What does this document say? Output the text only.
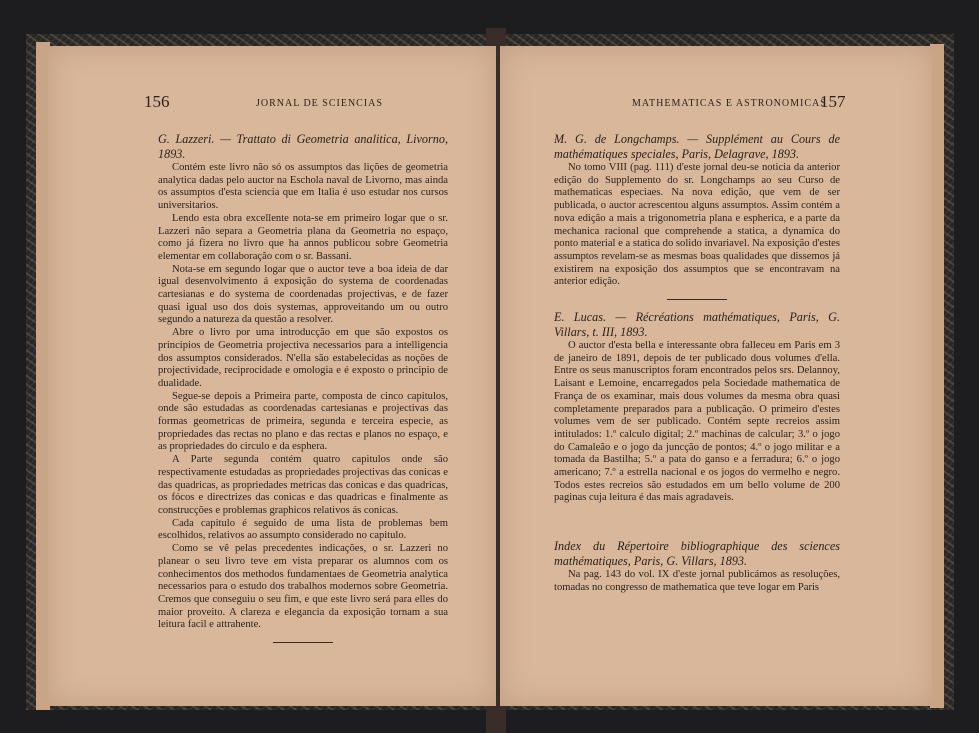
156	JORNAL DE SCIENCIAS

G. Lazzeri. — Trattato di Geometria analitica, Livorno, 1893.

Contém este livro não só os assumptos das lições de geometria analytica dadas pelo auctor na Escholа naval de Livorno, mas ainda os assumptos d'esta sciencia que em Italia é uso estudar nos cursos universitarios.

Lendo esta obra excellente nota-se em primeiro logar que o sr. Lazzeri não separa a Geometria plana da Geometria no espaço, como já fizera no livro que ha annos publicou sobre Geometria elementar em collaboração com o sr. Bassani.

Nota-se em segundo logar que o auctor teve a boa ideia de dar igual desenvolvimento á exposição do systema de coordenadas cartesianas e do systema de coordenadas projectivas, e de fazer quasi igual uso dos dois systemas, approveitando um ou outro segundo a natureza da questão a resolver.

Abre o livro por uma introducção em que são expostos os principios de Geometria projectiva necessarios para a intelligencia dos assumptos considerados. N'ella são estabelecidas as noções de projectividade, reciprocidade e omologia e é exposto o principio de dualidade.

Segue-se depois a Primeira parte, composta de cinco capitulos, onde são estudadas as coordenadas cartesianas e projectivas das formas geometricas de primeira, segunda e terceira especie, as propriedades das rectas no plano e das rectas e planos no espaço, e as propriedades do circulo e da esphera.

A Parte segunda contém quatro capitulos onde são respectivamente estudadas as propriedades projectivas das conicas e das quadricas, as propriedades metricas das conicas e das quadricas, os fócos e directrizes das conicas e das quadricas e finalmente as construcções e problemas graphicos relativos ás conicas.

Cada capitulo é seguido de uma lista de problemas bem escolhidos, relativos ao assumpto considerado no capitulo.

Como se vê pelas precedentes indicações, o sr. Lazzeri no planear o seu livro teve em vista preparar os alumnos com os conhecimentos dos methodos fundamentaes de Geometria analytica necessarios para o estudo dos trabalhos modernos sobre Geometria. Cremos que conseguiu o seu fim, e que este livro será para elles do maior proveito. A clareza e elegancia da exposição tornam a sua leitura facil e attrahente.

MATHEMATICAS E ASTRONOMICAS
157

M. G. de Longchamps. — Supplément au Cours de mathématiques speciales, Paris, Delagrave, 1893.

No tomo VIII (pag. 111) d'este jornal deu-se noticia da anterior edição do Supplemento do sr. Longchamps ao seu Curso de mathematicas especiaes. Na nova edição, que vem de ser publicada, o auctor acrescentou alguns assumptos. Assim contém a nova edição a mais a trigonometria plana e espherica, e a parte da mechanica racional que comprehende a statica, a dynamica do ponto material e a statica do solido invariavel. Na exposição d'estes assumptos revelam-se as mesmas boas qualidades que dissemos já existirem na exposição dos assumptos que se encontravam na anterior edição.

E. Lucas. — Récréations mathématiques, Paris, G. Villars, t. III, 1893.

O auctor d'esta bella e interessante obra falleceu em Paris em 3 de janeiro de 1891, depois de ter publicado dous volumes d'ella. Entre os seus manuscriptos foram encontrados pelos srs. Delannoy, Laisant e Lemoine, encarregados pela Sociedade mathematica de França de os examinar, mais dous volumes da mesma obra quasi completamente preparados para a publicação. O primeiro d'estes volumes vem de ser publicado. Contém septe recreios assim intitulados: 1.º calculo digital; 2.º machinas de calcular; 3.º o jogo do Camaleão e o jogo da juncção de pontos; 4.º o jogo militar e a tomada da Bastilha; 5.º a pata do ganso e a ferradura; 6.º o jogo americano; 7.º a estrella nacional e os jogos do vermelho e negro. Todos estes recreios são estudados em um bello volume de 200 paginas cuja leitura é das mais agradaveis.

Index du Répertoire bibliographique des sciences mathématiques, Paris, G. Villars, 1893.

Na pag. 143 do vol. IX d'este jornal publicámos as resoluções, tomadas no congresso de mathematica que teve logar em Paris
